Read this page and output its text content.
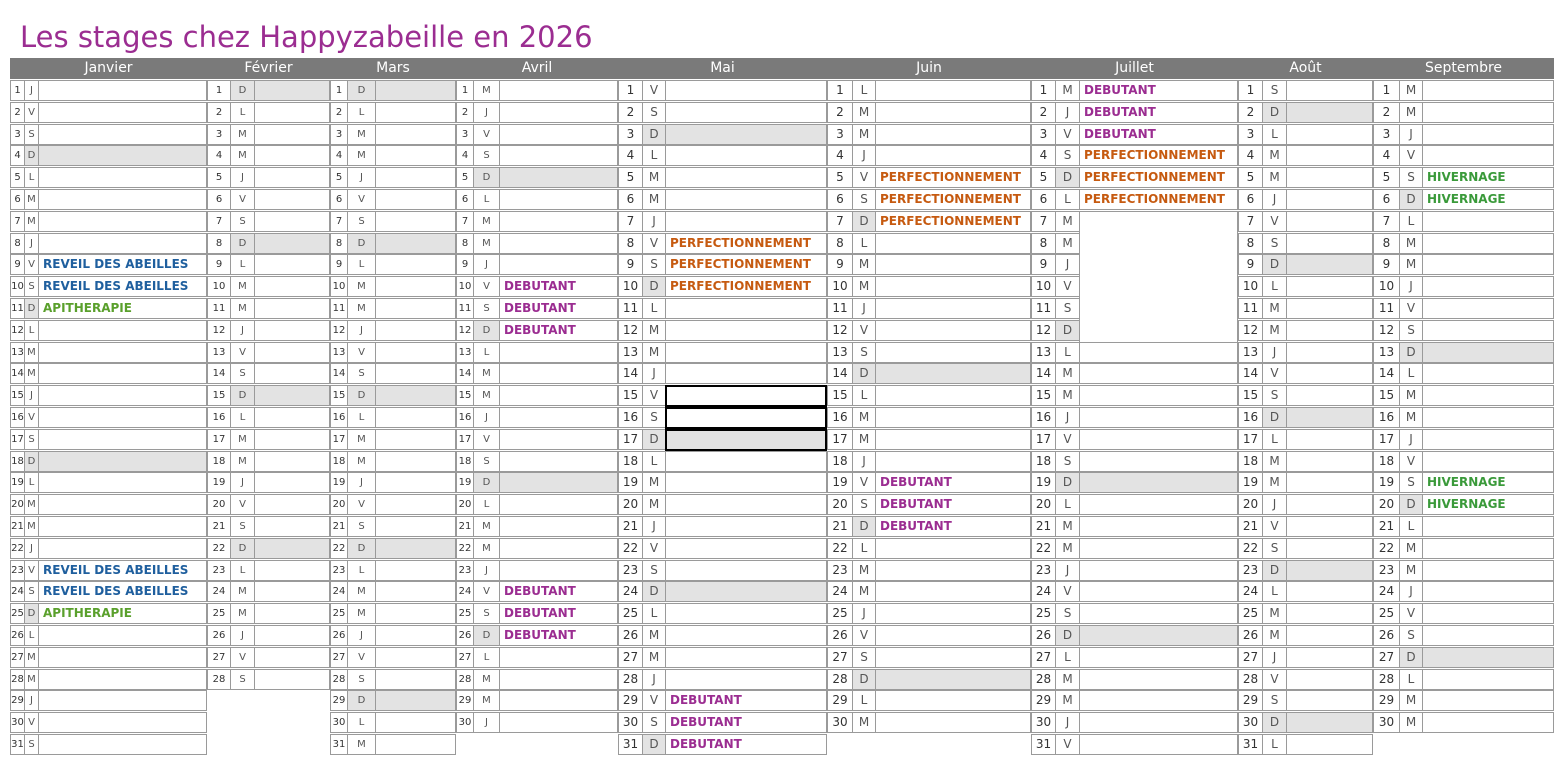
Les stages chez Happyzabeille en 2026
Janvier	Février	Mars	Avril	Mai	Juin	Juillet	Août	Septembre
1 J
2 V
3 S
4 D
5 L
6 M
7 M
8 J
9 V REVEIL DES ABEILLES
10 S REVEIL DES ABEILLES
11 D APITHERAPIE
12 L
13 M
14 M
15 J
16 V
17 S
18 D
19 L
20 M
21 M
22 J
23 V REVEIL DES ABEILLES
24 S REVEIL DES ABEILLES
25 D APITHERAPIE
26 L
27 M
28 M
29 J
30 V
31 S
1	D
2	L
3	M
4	M
5	J
6	V
7	S
8	D
9	L
10	M
11	M
12	J
13	V
14	S
15	D
16	L
17	M
18	M
19	J
20	V
21	S
22	D
23	L
24	M
25	M
26	J
27	V
28	S
1	D
2	L
3	M
4	M
5	J
6	V
7	S
8	D
9	L
10	M
11	M
12	J
13	V
14	S
15	D
16	L
17	M
18	M
19	J
20	V
21	S
22	D
23	L
24	M
25	M
26	J
27	V
28	S
29	D
30	L
31	M
1	M
2	J
3	V
4	S
5	D
6	L
7	M
8	M
9	J
10	V	DEBUTANT
11	S	DEBUTANT
12	D	DEBUTANT
13	L
14	M
15	M
16	J
17	V
18	S
19	D
20	L
21	M
22	M
23	J
24	V	DEBUTANT
25	S	DEBUTANT
26	D	DEBUTANT
27	L
28	M
29	M
30	J
1	V
2	S
3	D
4	L
5	M
6	M
7	J
8	V PERFECTIONNEMENT
9	S	PERFECTIONNEMENT
10 D PERFECTIONNEMENT
11	L
12 M
13 M
14	J
15 V
16	S
17 D
18	L
19 M
20 M
21	J
22 V
23	S
24 D
25	L
26 M
27 M
28	J
29 V DEBUTANT
30	S	DEBUTANT
31 D DEBUTANT
1	L
2	M
3	M
4	J
5	V PERFECTIONNEMENT
6	S	PERFECTIONNEMENT
7	D PERFECTIONNEMENT
8	L
9	M
10 M
11	J
12	V
13	S
14 D
15	L
16 M
17 M
18	J
19	V DEBUTANT
20	S	DEBUTANT
21 D DEBUTANT
22	L
23 M
24 M
25	J
26	V
27	S
28 D
29	L
30 M
1	M DEBUTANT
2	J	DEBUTANT
3	V	DEBUTANT
4	S	PERFECTIONNEMENT
5	D PERFECTIONNEMENT
6	L	PERFECTIONNEMENT
7	M
8	M
9	J
10	V
11	S
12 D
13	L
14 M
15 M
16	J
17	V
18	S
19 D
20	L
21 M
22 M
23	J
24	V
25	S
26 D
27	L
28 M
29 M
30	J
31	V
1	S
2	D
3	L
4	M
5	M
6	J
7	V
8	S
9	D
10	L
11 M
12 M
13	J
14	V
15	S
16 D
17	L
18 M
19 M
20	J
21	V
22	S
23 D
24	L
25 M
26 M
27	J
28	V
29	S
30 D
31	L
1	M
2	M
3	J
4	V
5	S	HIVERNAGE
6	D HIVERNAGE
7	L
8	M
9	M
10	J
11	V
12	S
13	D
14	L
15 M
16 M
17	J
18	V
19	S	HIVERNAGE
20	D HIVERNAGE
21	L
22 M
23 M
24	J
25	V
26	S
27	D
28	L
29 M
30 M
